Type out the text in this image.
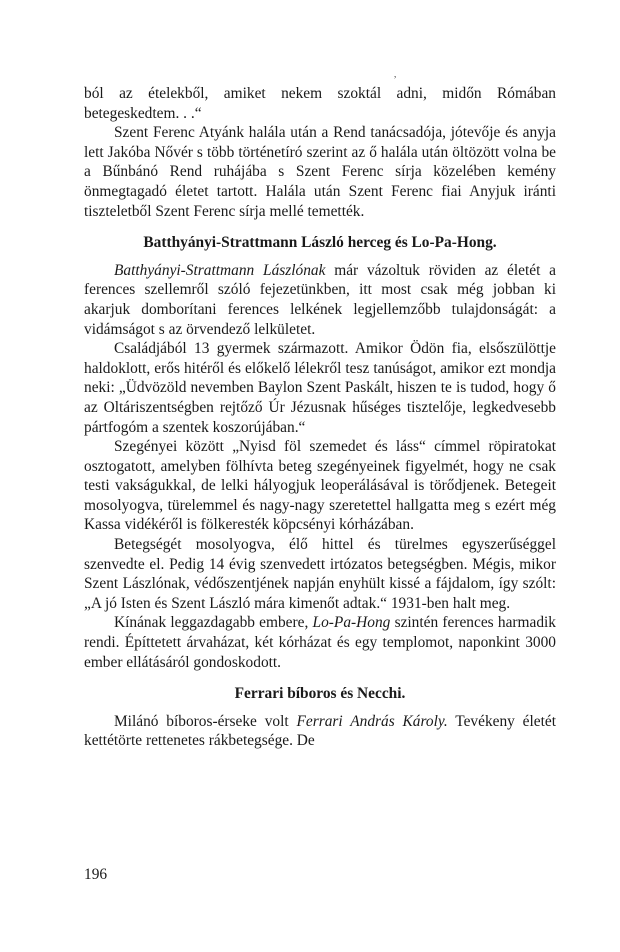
,

ból az ételekből, amiket nekem szoktál adni, midőn Rómában betegeskedtem. . .“

Szent Ferenc Atyánk halála után a Rend tanácsadója, jótevője és anyja lett Jakóba Nővér s több történetíró szerint az ő halála után öltözött volna be a Bűnbánó Rend ruhájába s Szent Ferenc sírja közelében kemény önmegtagadó életet tartott. Halála után Szent Ferenc fiai Anyjuk iránti tiszteletből Szent Ferenc sírja mellé temették.

Batthyányi-Strattmann László herceg és Lo-Pa-Hong.

Batthyányi-Strattmann Lászlónak már vázoltuk röviden az életét a ferences szellemről szóló fejezetünkben, itt most csak még jobban ki akarjuk domborítani ferences lelkének legjellemzőbb tulajdonságát: a vidámságot s az örvendező lelkületet.

Családjából 13 gyermek származott. Amikor Ödön fia, elsőszülöttje haldoklott, erős hitéről és előkelő lélekről tesz tanúságot, amikor ezt mondja neki: „Üdvözöld nevemben Baylon Szent Paskált, hiszen te is tudod, hogy ő az Oltáriszentségben rejtőző Úr Jézusnak hűséges tisztelője, legkedvesebb pártfogóm a szentek koszorújában.“

Szegényei között „Nyisd föl szemedet és láss“ címmel röpiratokat osztogatott, amelyben fölhívta beteg szegényeinek figyelmét, hogy ne csak testi vakságukkal, de lelki hályogjuk leoperálásával is törődjenek. Betegeit mosolyogva, türelemmel és nagy-nagy szeretettel hallgatta meg s ezért még Kassa vidékéről is fölkeresték köpcsényi kórházában.

Betegségét mosolyogva, élő hittel és türelmes egyszerűséggel szenvedte el. Pedig 14 évig szenvedett irtózatos betegségben. Mégis, mikor Szent Lászlónak, védőszentjének napján enyhült kissé a fájdalom, így szólt: „A jó Isten és Szent László mára kimenőt adtak.“ 1931-ben halt meg.

Kínának leggazdagabb embere, Lo-Pa-Hong szintén ferences harmadik rendi. Építtetett árvaházat, két kórházat és egy templomot, naponkint 3000 ember ellátásáról gondoskodott.

Ferrari bíboros és Necchi.

Milánó bíboros-érseke volt Ferrari András Károly. Tevékeny életét kettétörte rettenetes rákbetegsége. De

196
